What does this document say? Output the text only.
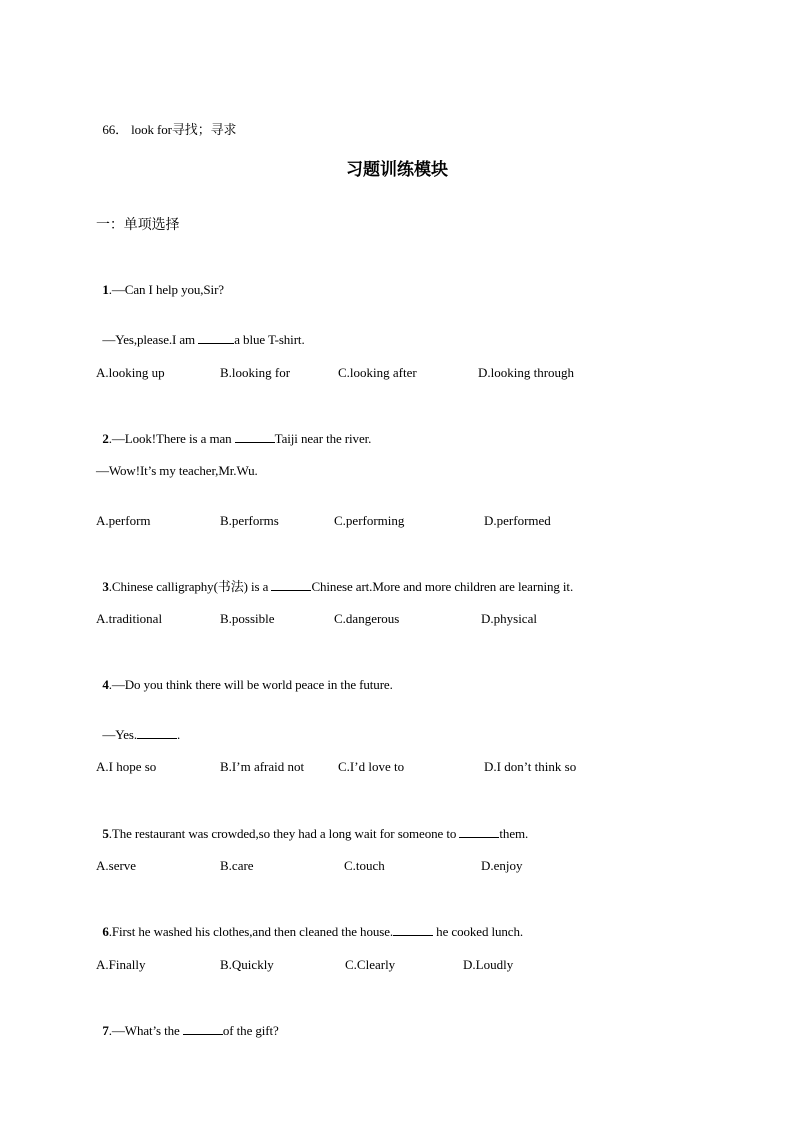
66． look for寻找；寻求

习题训练模块
一：单项选择

1.—Can I help you,Sir?

—Yes,please.I am	a blue T-shirt.

A.looking up	B.looking for	C.looking after	D.looking through

2.—Look!There is a man	Taiji near the river.

—Wow!It’s my teacher,Mr.Wu.
A.perform	B.performs	C.performing	D.performed

3.Chinese calligraphy(书法) is a	Chinese art.More and more children are learning it.

A.traditional	B.possible	C.dangerous	D.physical

4.—Do you think there will be world peace in the future.

—Yes.	.

A.I hope so	B.I’m afraid not	C.I’d love to	D.I don’t think so

5.The restaurant was crowded,so they had a long wait for someone to	them.

A.serve	B.care	C.touch	D.enjoy

6.First he washed his clothes,and then cleaned the house.	he cooked lunch.

A.Finally	B.Quickly	C.Clearly	D.Loudly

7.—What’s the	of the gift?
